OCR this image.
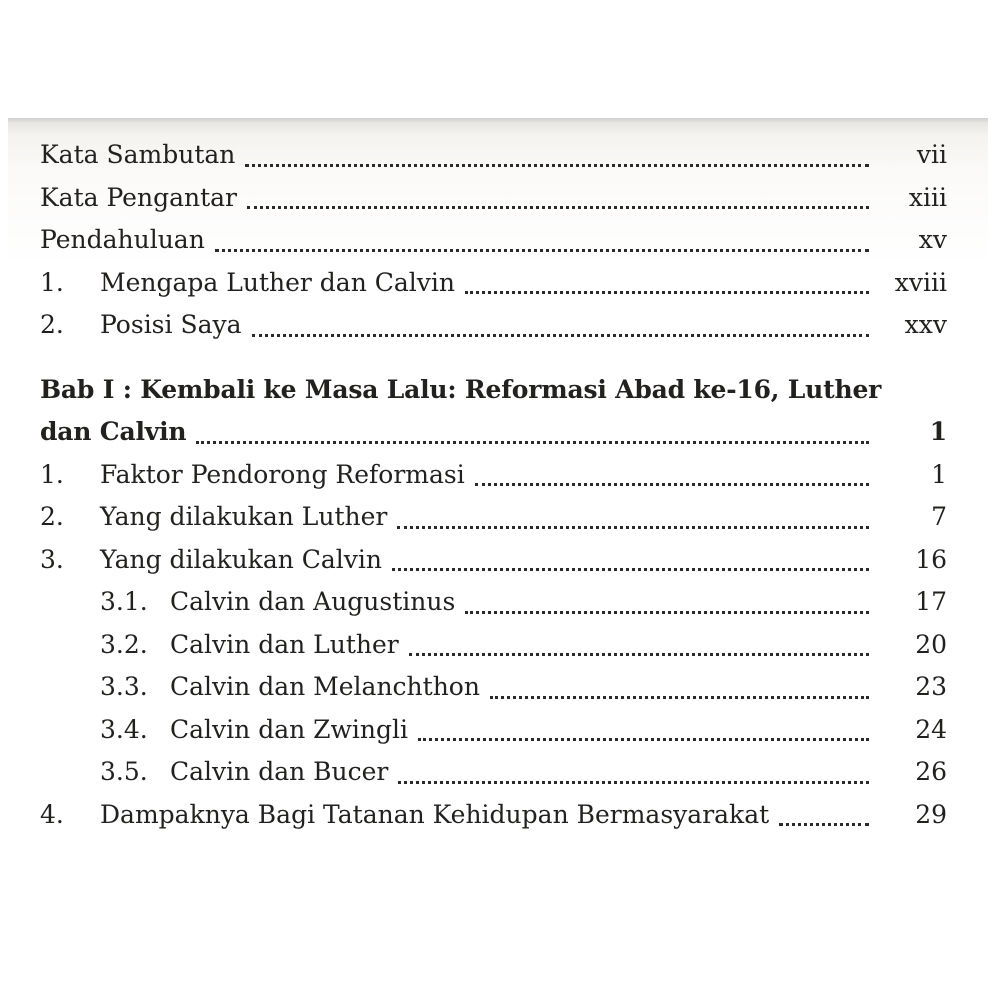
Kata Sambutan	vii
Kata Pengantar	xiii
Pendahuluan	xv
1.	Mengapa Luther dan Calvin	xviii
2.	Posisi Saya	xxv
Bab I : Kembali ke Masa Lalu: Reformasi Abad ke-16, Luther
dan Calvin	1
1.	Faktor Pendorong Reformasi	1
2.	Yang dilakukan Luther	7
3.	Yang dilakukan Calvin	16
3.1. Calvin dan Augustinus	17
3.2. Calvin dan Luther	20
3.3. Calvin dan Melanchthon	23
3.4. Calvin dan Zwingli	24
3.5. Calvin dan Bucer	26
4.	Dampaknya Bagi Tatanan Kehidupan Bermasyarakat	29
